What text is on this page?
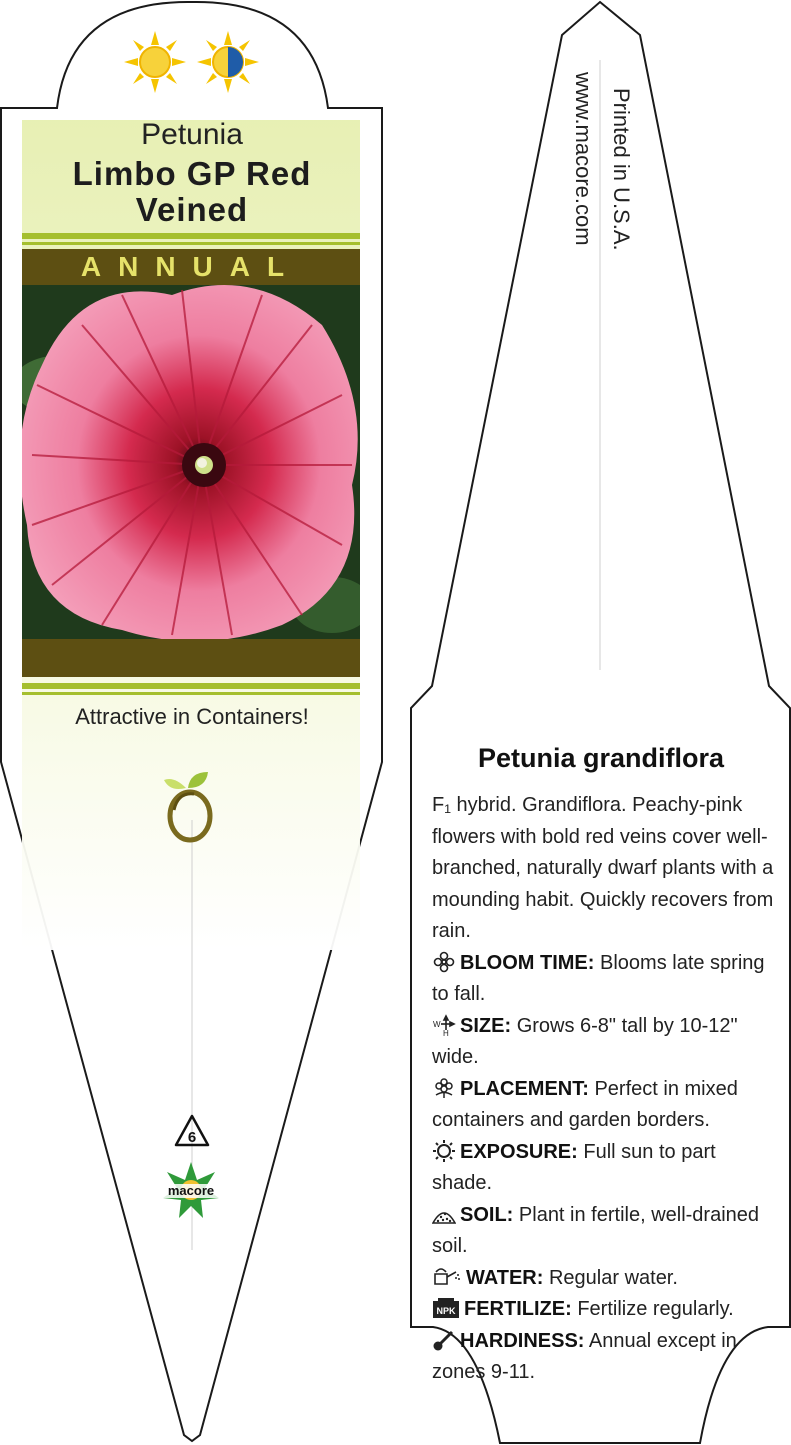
Petunia
Limbo GP Red
Veined
ANNUAL
Attractive in Containers!
6
macore
Printed in U.S.A.
www.macore.com
Petunia grandiflora

F₁ hybrid. Grandiflora. Peachy-pink flowers with bold red veins cover well-branched, naturally dwarf plants with a mounding habit. Quickly recovers from rain.

BLOOM TIME: Blooms late spring to fall.

W
H SIZE: Grows 6-8" tall by 10-12" wide.

PLACEMENT: Perfect in mixed containers and garden borders.

EXPOSURE: Full sun to part shade.

SOIL: Plant in fertile, well-drained soil.

WATER: Regular water.

NPK FERTILIZE: Fertilize regularly.

HARDINESS: Annual except in zones 9-11.
